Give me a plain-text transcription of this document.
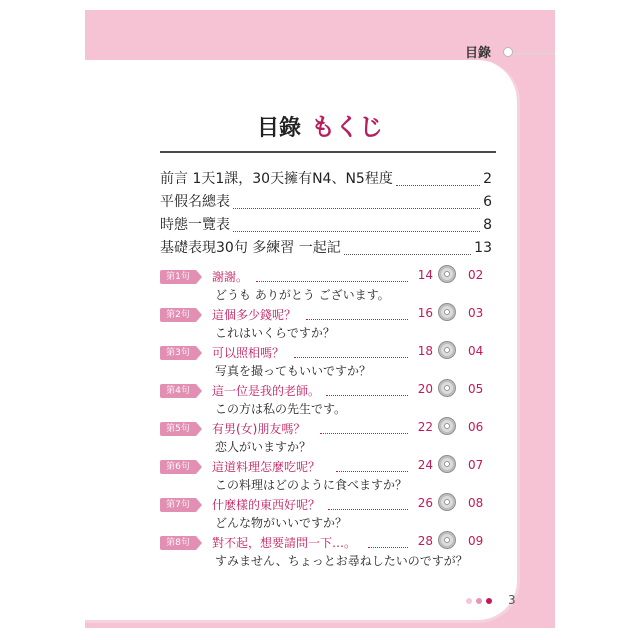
目錄
目錄 もくじ
前言 1天1課，30天擁有N4、N5程度	2
平假名總表	6
時態一覽表	8
基礎表現30句 多練習 一起記	13
第1句	謝謝。	14	02
どうも ありがとう ございます。
第2句	這個多少錢呢？	16	03
これはいくらですか？
第3句	可以照相嗎？	18	04
写真を撮ってもいいですか？
第4句	這一位是我的老師。	20	05
この方は私の先生です。
第5句	有男(女)朋友嗎？	22	06
恋人がいますか？
第6句	這道料理怎麼吃呢？	24	07
この料理はどのように食べますか？
第7句	什麼樣的東西好呢？	26	08
どんな物がいいですか？
第8句	對不起，想要請問一下…。	28	09
すみません、ちょっとお尋ねしたいのですが？
3
